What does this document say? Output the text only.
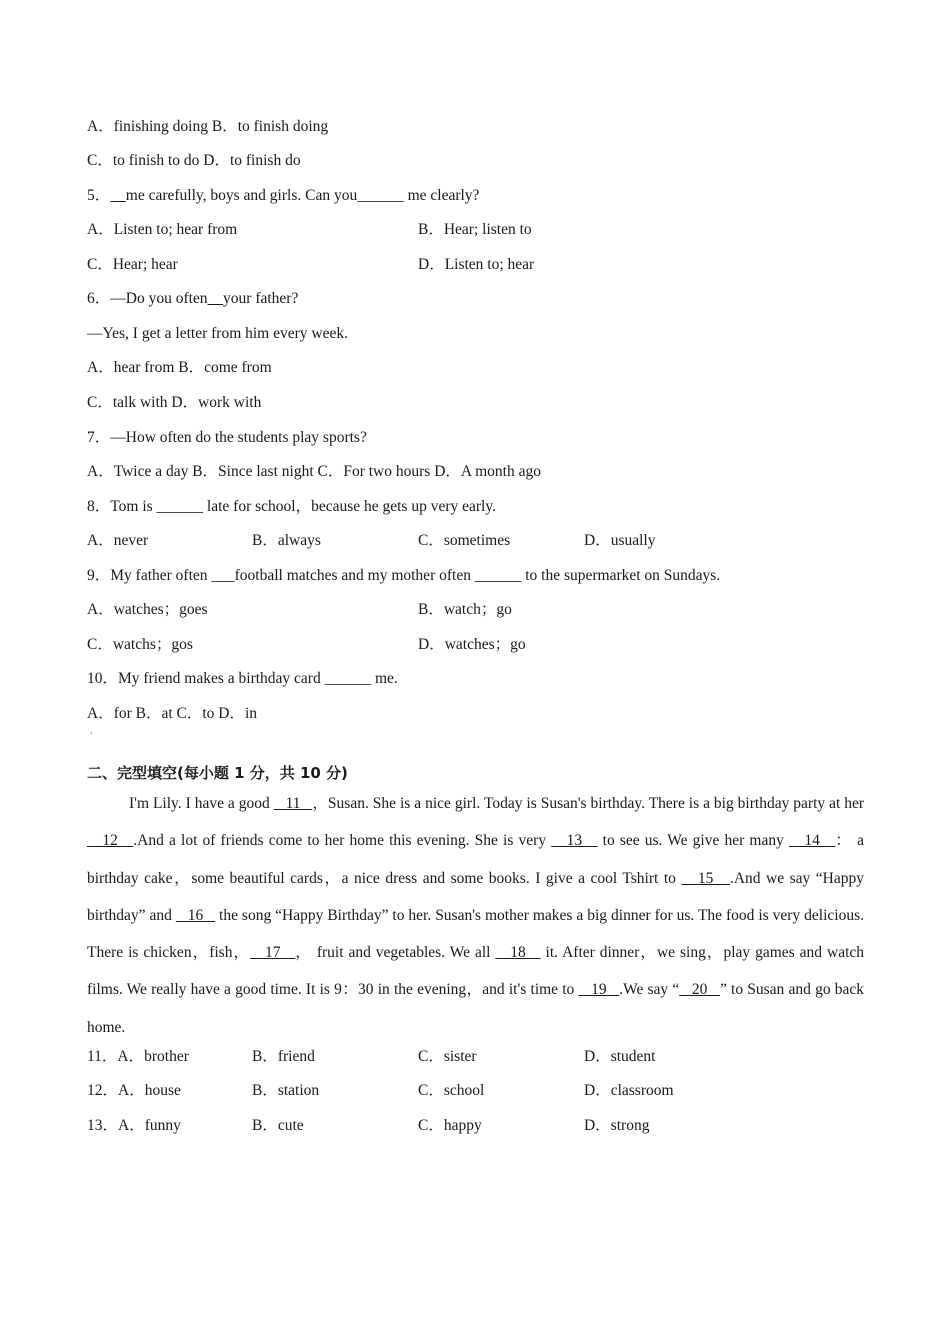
A．finishing doing B．to finish doing
C．to finish to do D．to finish do
5． me carefully, boys and girls. Can you______ me clearly?
A．Listen to; hear from	B．Hear; listen to
C．Hear; hear	D．Listen to; hear
6．—Do you often your father?
—Yes, I get a letter from him every week.
A．hear from B．come from
C．talk with D．work with
7．—How often do the students play sports?
A．Twice a day B．Since last night C．For two hours D．A month ago
8．Tom is ______ late for school，because he gets up very early.
A．never	B．always	C．sometimes	D．usually
9．My father often ___football matches and my mother often ______ to the supermarket on Sundays.
A．watches；goes	B．watch；go
C．watchs；gos	D．watches；go
10．My friend makes a birthday card ______ me.
A．for B．at C．to D．in
ʻ
二、完型填空(每小题 1 分，共 10 分)

I'm Lily. I have a good    11   ，Susan. She is a nice girl. Today is Susan's birthday. There is a big birthday party at her    12   .And a lot of friends come to her home this evening. She is very    13    to see us. We give her many    14   ： a birthday cake，some beautiful cards，a nice dress and some books. I give a cool Tshirt to    15   .And we say “Happy birthday” and    16    the song “Happy Birthday” to her. Susan's mother makes a big dinner for us. The food is very delicious. There is chicken，fish，   17   ， fruit and vegetables. We all    18    it. After dinner，we sing，play games and watch films. We really have a good time. It is 9：30 in the evening，and it's time to    19   .We say “   20   ” to Susan and go back home.

11．A．brother	B．friend	C．sister	D．student
12．A．house	B．station	C．school	D．classroom
13．A．funny	B．cute	C．happy	D．strong
